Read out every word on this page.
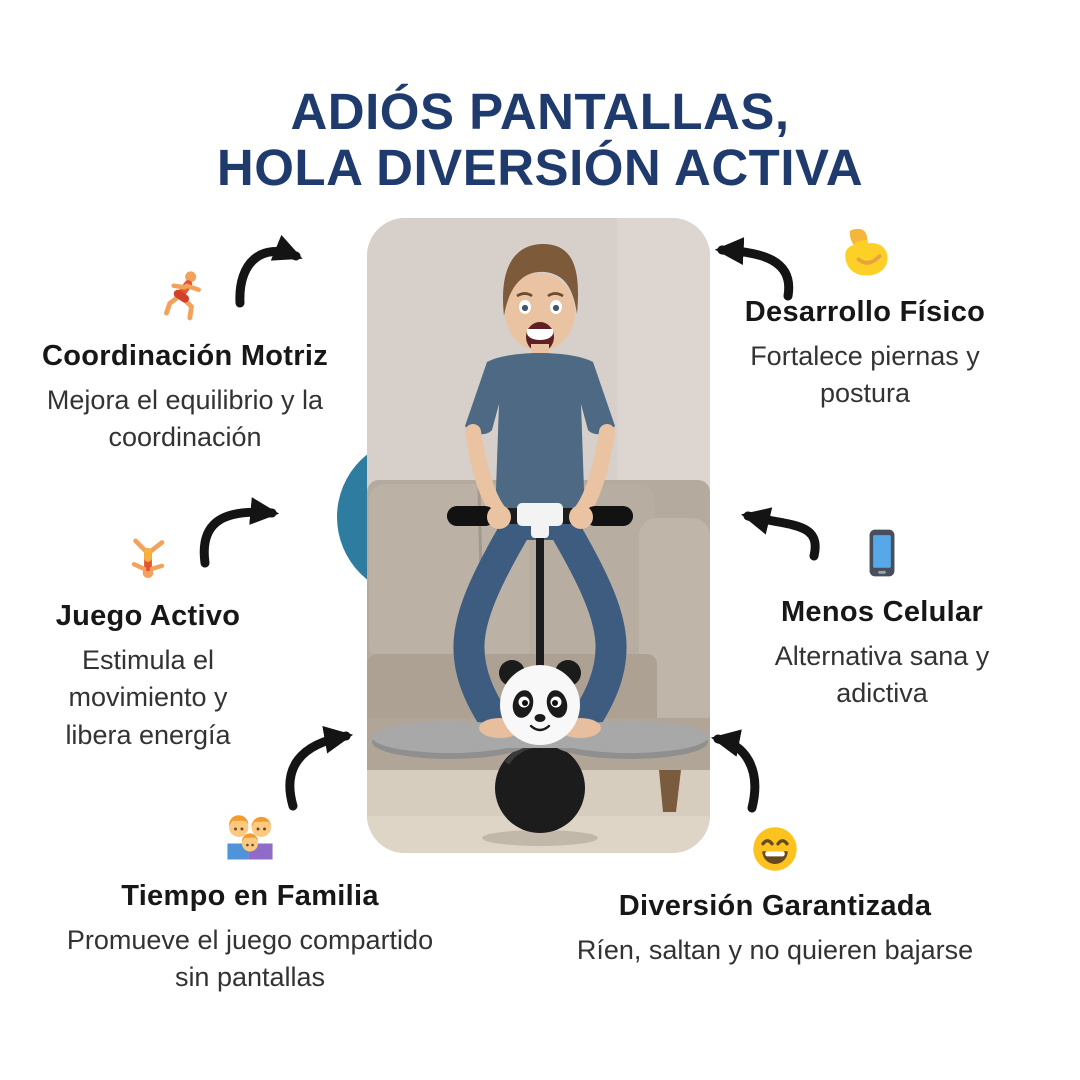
ADIÓS PANTALLAS,
HOLA DIVERSIÓN ACTIVA
Coordinación Motriz
Mejora el equilibrio y la coordinación
Juego Activo
Estimula el movimiento y libera energía
Tiempo en Familia
Promueve el juego compartido sin pantallas
Desarrollo Físico
Fortalece piernas y postura
Menos Celular
Alternativa sana y adictiva
Diversión Garantizada
Ríen, saltan y no quieren bajarse
